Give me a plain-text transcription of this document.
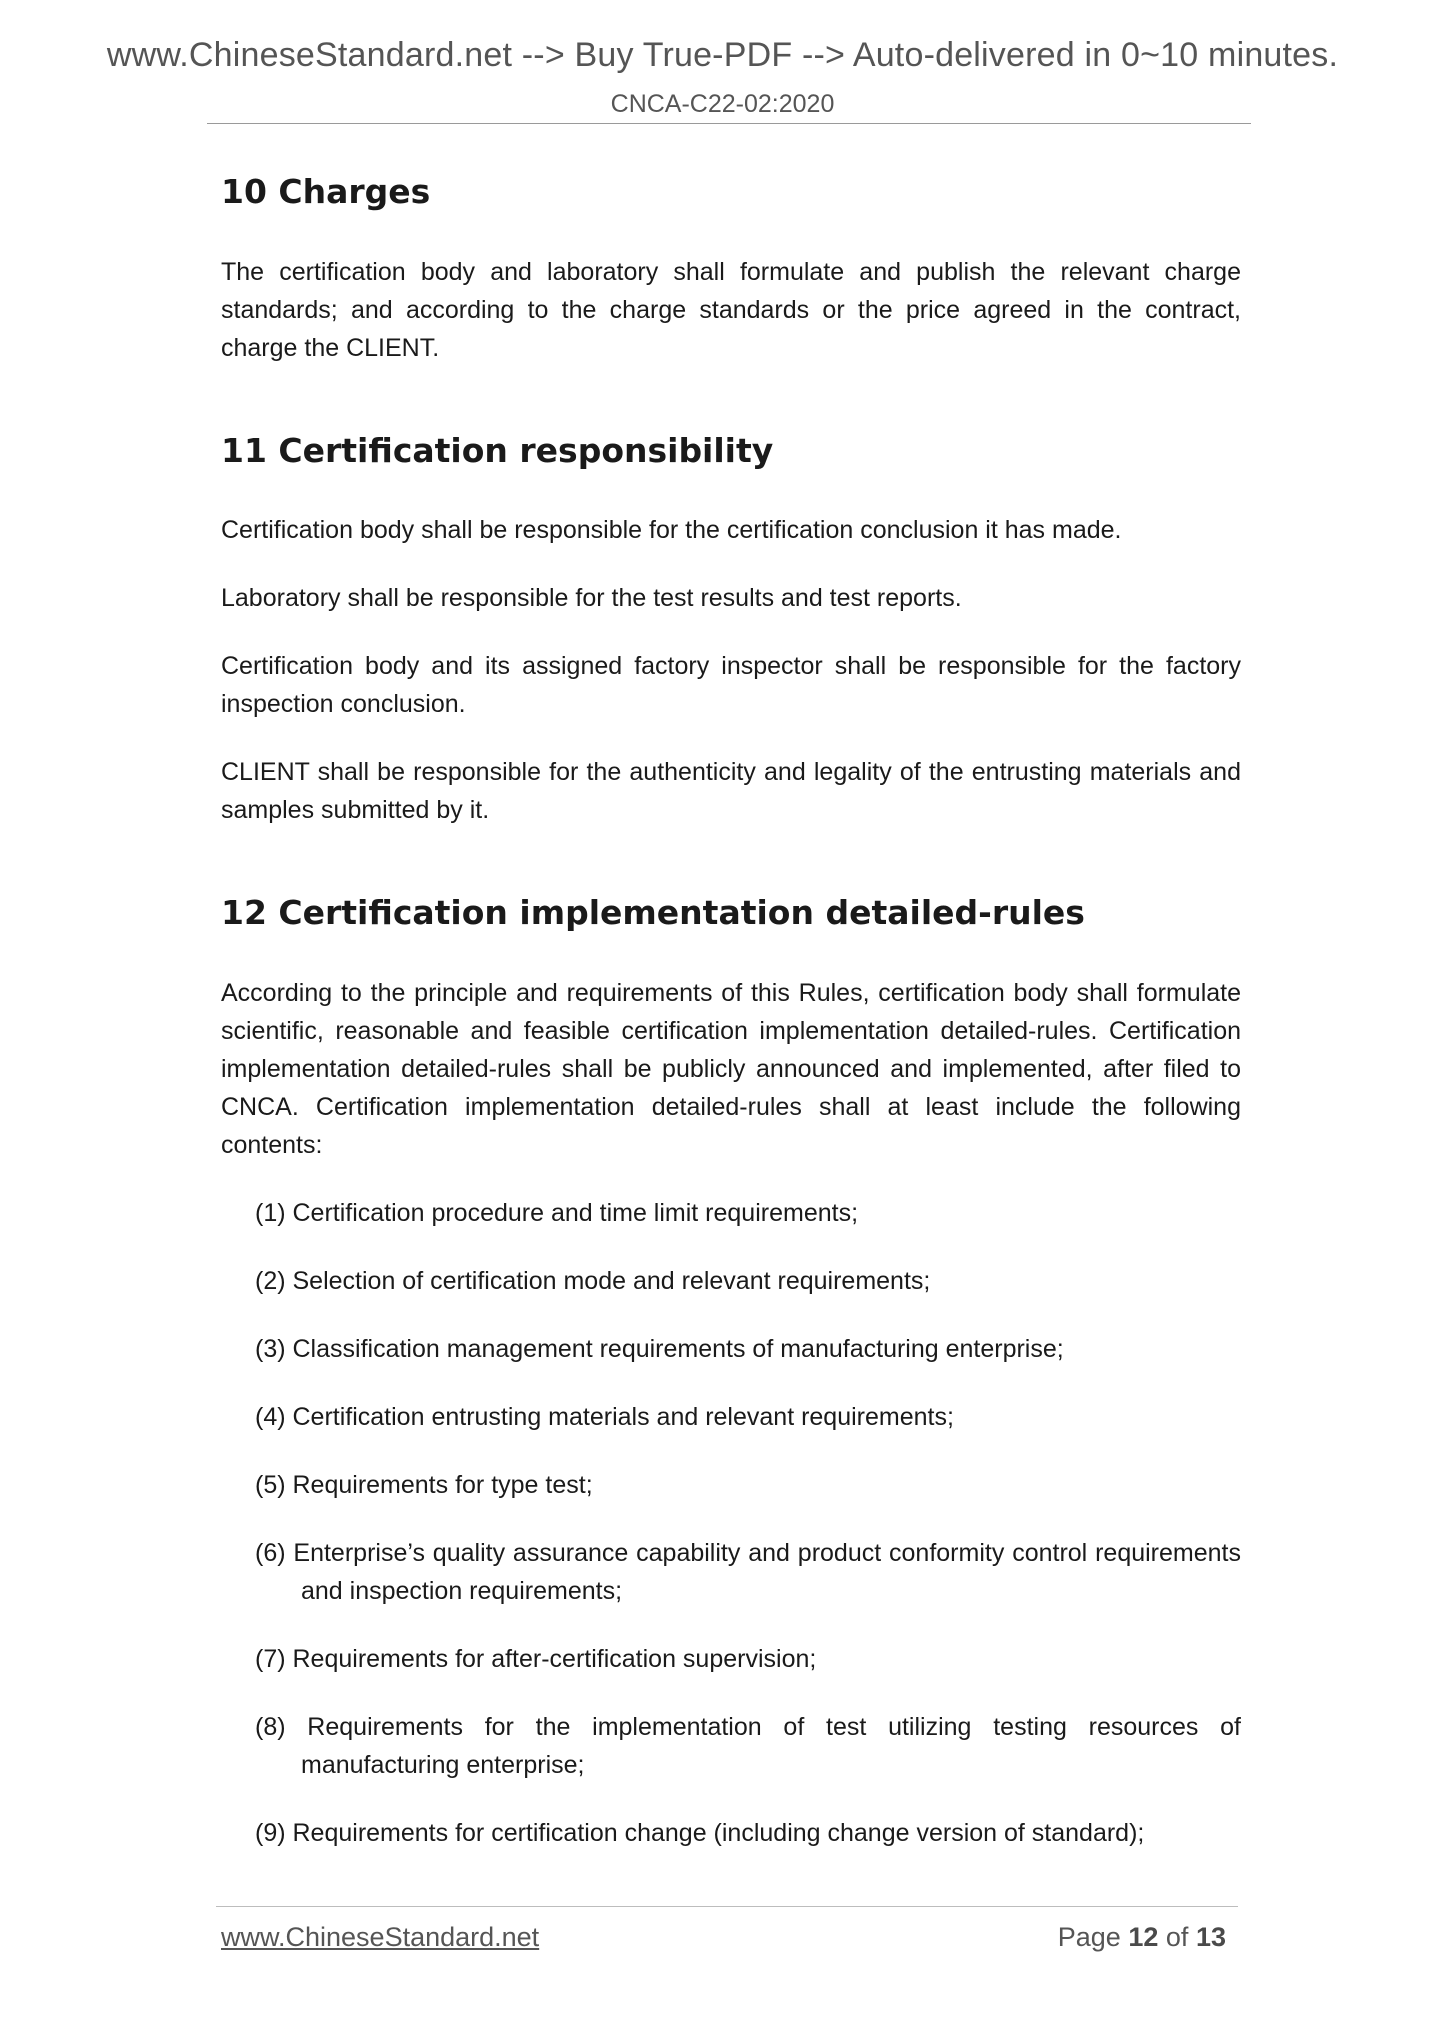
www.ChineseStandard.net --> Buy True-PDF --> Auto-delivered in 0~10 minutes.
CNCA-C22-02:2020
10 Charges

The certification body and laboratory shall formulate and publish the relevant charge standards; and according to the charge standards or the price agreed in the contract, charge the CLIENT.

11 Certification responsibility

Certification body shall be responsible for the certification conclusion it has made.

Laboratory shall be responsible for the test results and test reports.

Certification body and its assigned factory inspector shall be responsible for the factory inspection conclusion.

CLIENT shall be responsible for the authenticity and legality of the entrusting materials and samples submitted by it.

12 Certification implementation detailed-rules

According to the principle and requirements of this Rules, certification body shall formulate scientific, reasonable and feasible certification implementation detailed-rules. Certification implementation detailed-rules shall be publicly announced and implemented, after filed to CNCA. Certification implementation detailed-rules shall at least include the following contents:

(1) Certification procedure and time limit requirements;

(2) Selection of certification mode and relevant requirements;

(3) Classification management requirements of manufacturing enterprise;

(4) Certification entrusting materials and relevant requirements;

(5) Requirements for type test;

(6) Enterprise’s quality assurance capability and product conformity control requirements and inspection requirements;

(7) Requirements for after-certification supervision;

(8) Requirements for the implementation of test utilizing testing resources of manufacturing enterprise;

(9) Requirements for certification change (including change version of standard);

www.ChineseStandard.net	Page 12 of 13
